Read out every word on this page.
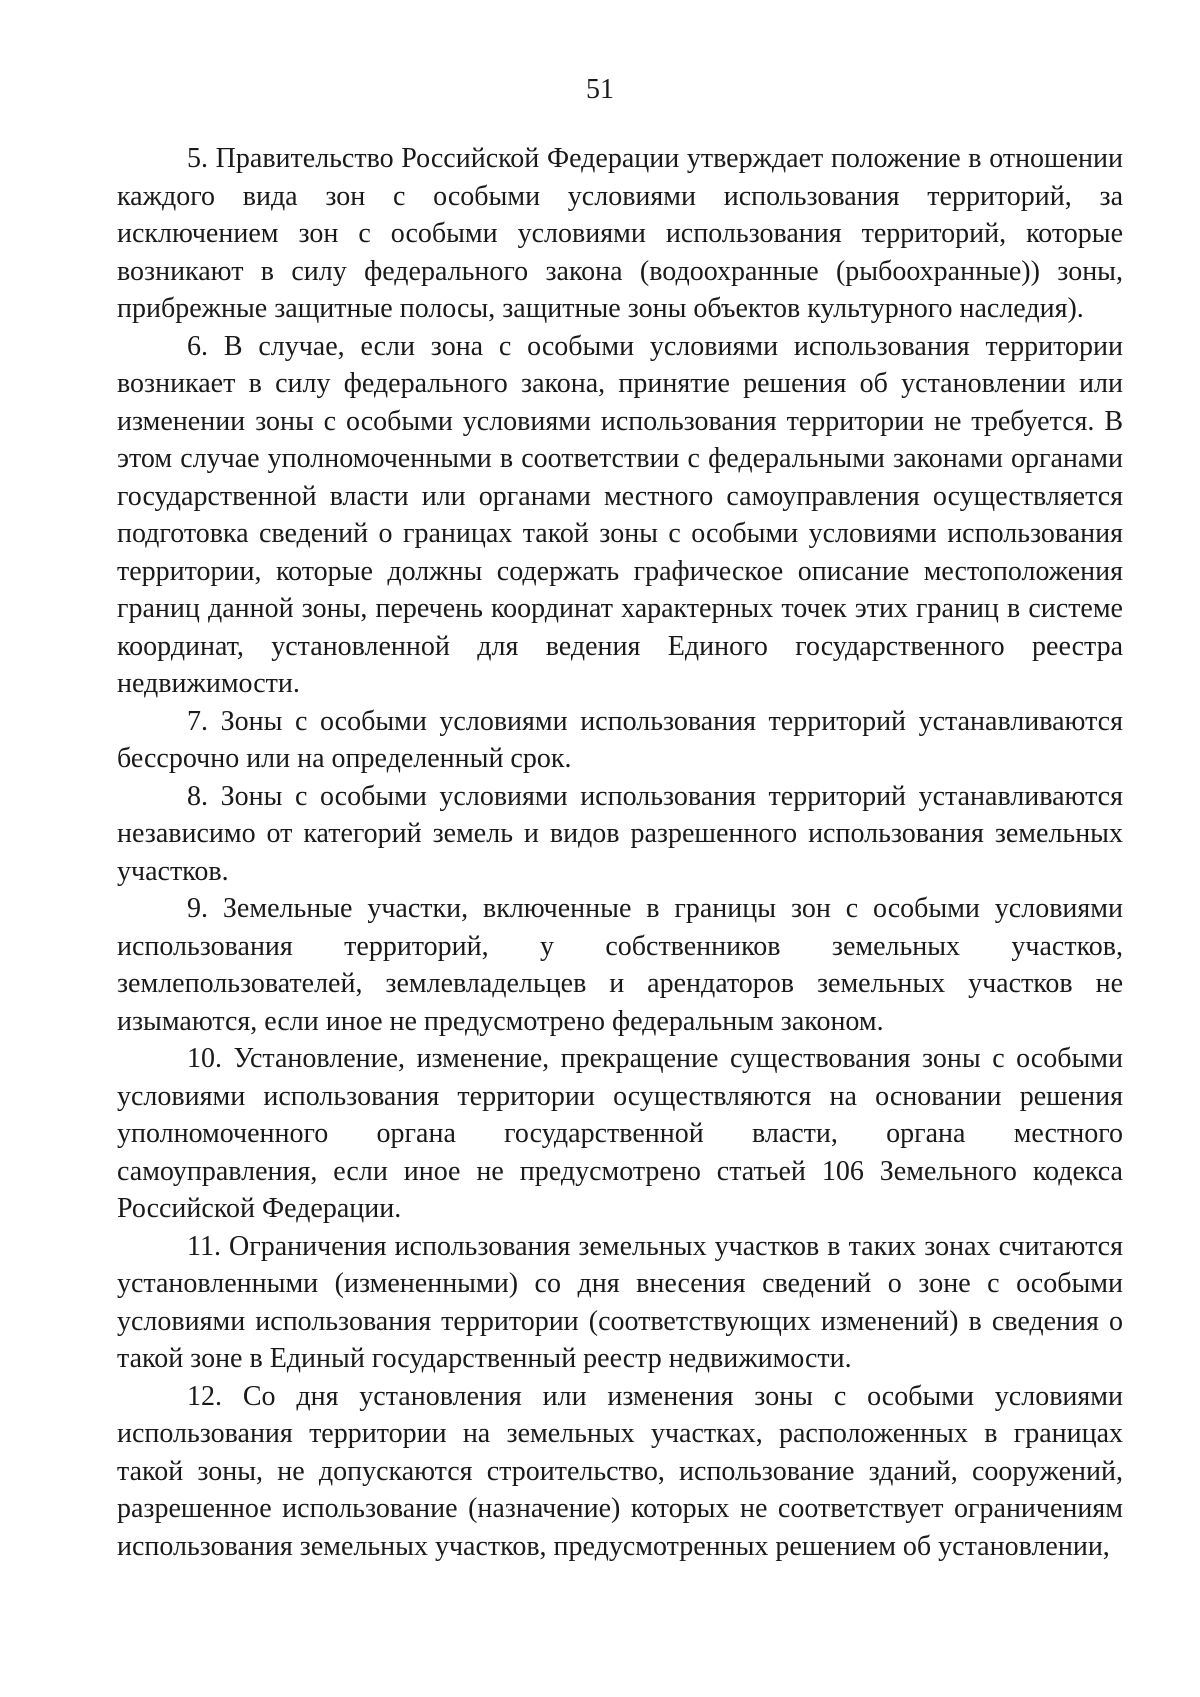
51

5. Правительство Российской Федерации утверждает положение в отношении каждого вида зон с особыми условиями использования территорий, за исключением зон с особыми условиями использования территорий, которые возникают в силу федерального закона (водоохранные (рыбоохранные)) зоны, прибрежные защитные полосы, защитные зоны объектов культурного наследия).

6. В случае, если зона с особыми условиями использования территории возникает в силу федерального закона, принятие решения об установлении или изменении зоны с особыми условиями использования территории не требуется. В этом случае уполномоченными в соответствии с федеральными законами органами государственной власти или органами местного самоуправления осуществляется подготовка сведений о границах такой зоны с особыми условиями использования территории, которые должны содержать графическое описание местоположения границ данной зоны, перечень координат характерных точек этих границ в системе координат, установленной для ведения Единого государственного реестра недвижимости.

7. Зоны с особыми условиями использования территорий устанавливаются бессрочно или на определенный срок.

8. Зоны с особыми условиями использования территорий устанавливаются независимо от категорий земель и видов разрешенного использования земельных участков.

9. Земельные участки, включенные в границы зон с особыми условиями использования территорий, у собственников земельных участков, землепользователей, землевладельцев и арендаторов земельных участков не изымаются, если иное не предусмотрено федеральным законом.

10. Установление, изменение, прекращение существования зоны с особыми условиями использования территории осуществляются на основании решения уполномоченного органа государственной власти, органа местного самоуправления, если иное не предусмотрено статьей 106 Земельного кодекса Российской Федерации.

11. Ограничения использования земельных участков в таких зонах считаются установленными (измененными) со дня внесения сведений о зоне с особыми условиями использования территории (соответствующих изменений) в сведения о такой зоне в Единый государственный реестр недвижимости.

12. Со дня установления или изменения зоны с особыми условиями использования территории на земельных участках, расположенных в границах такой зоны, не допускаются строительство, использование зданий, сооружений, разрешенное использование (назначение) которых не соответствует ограничениям использования земельных участков, предусмотренных решением об установлении,
